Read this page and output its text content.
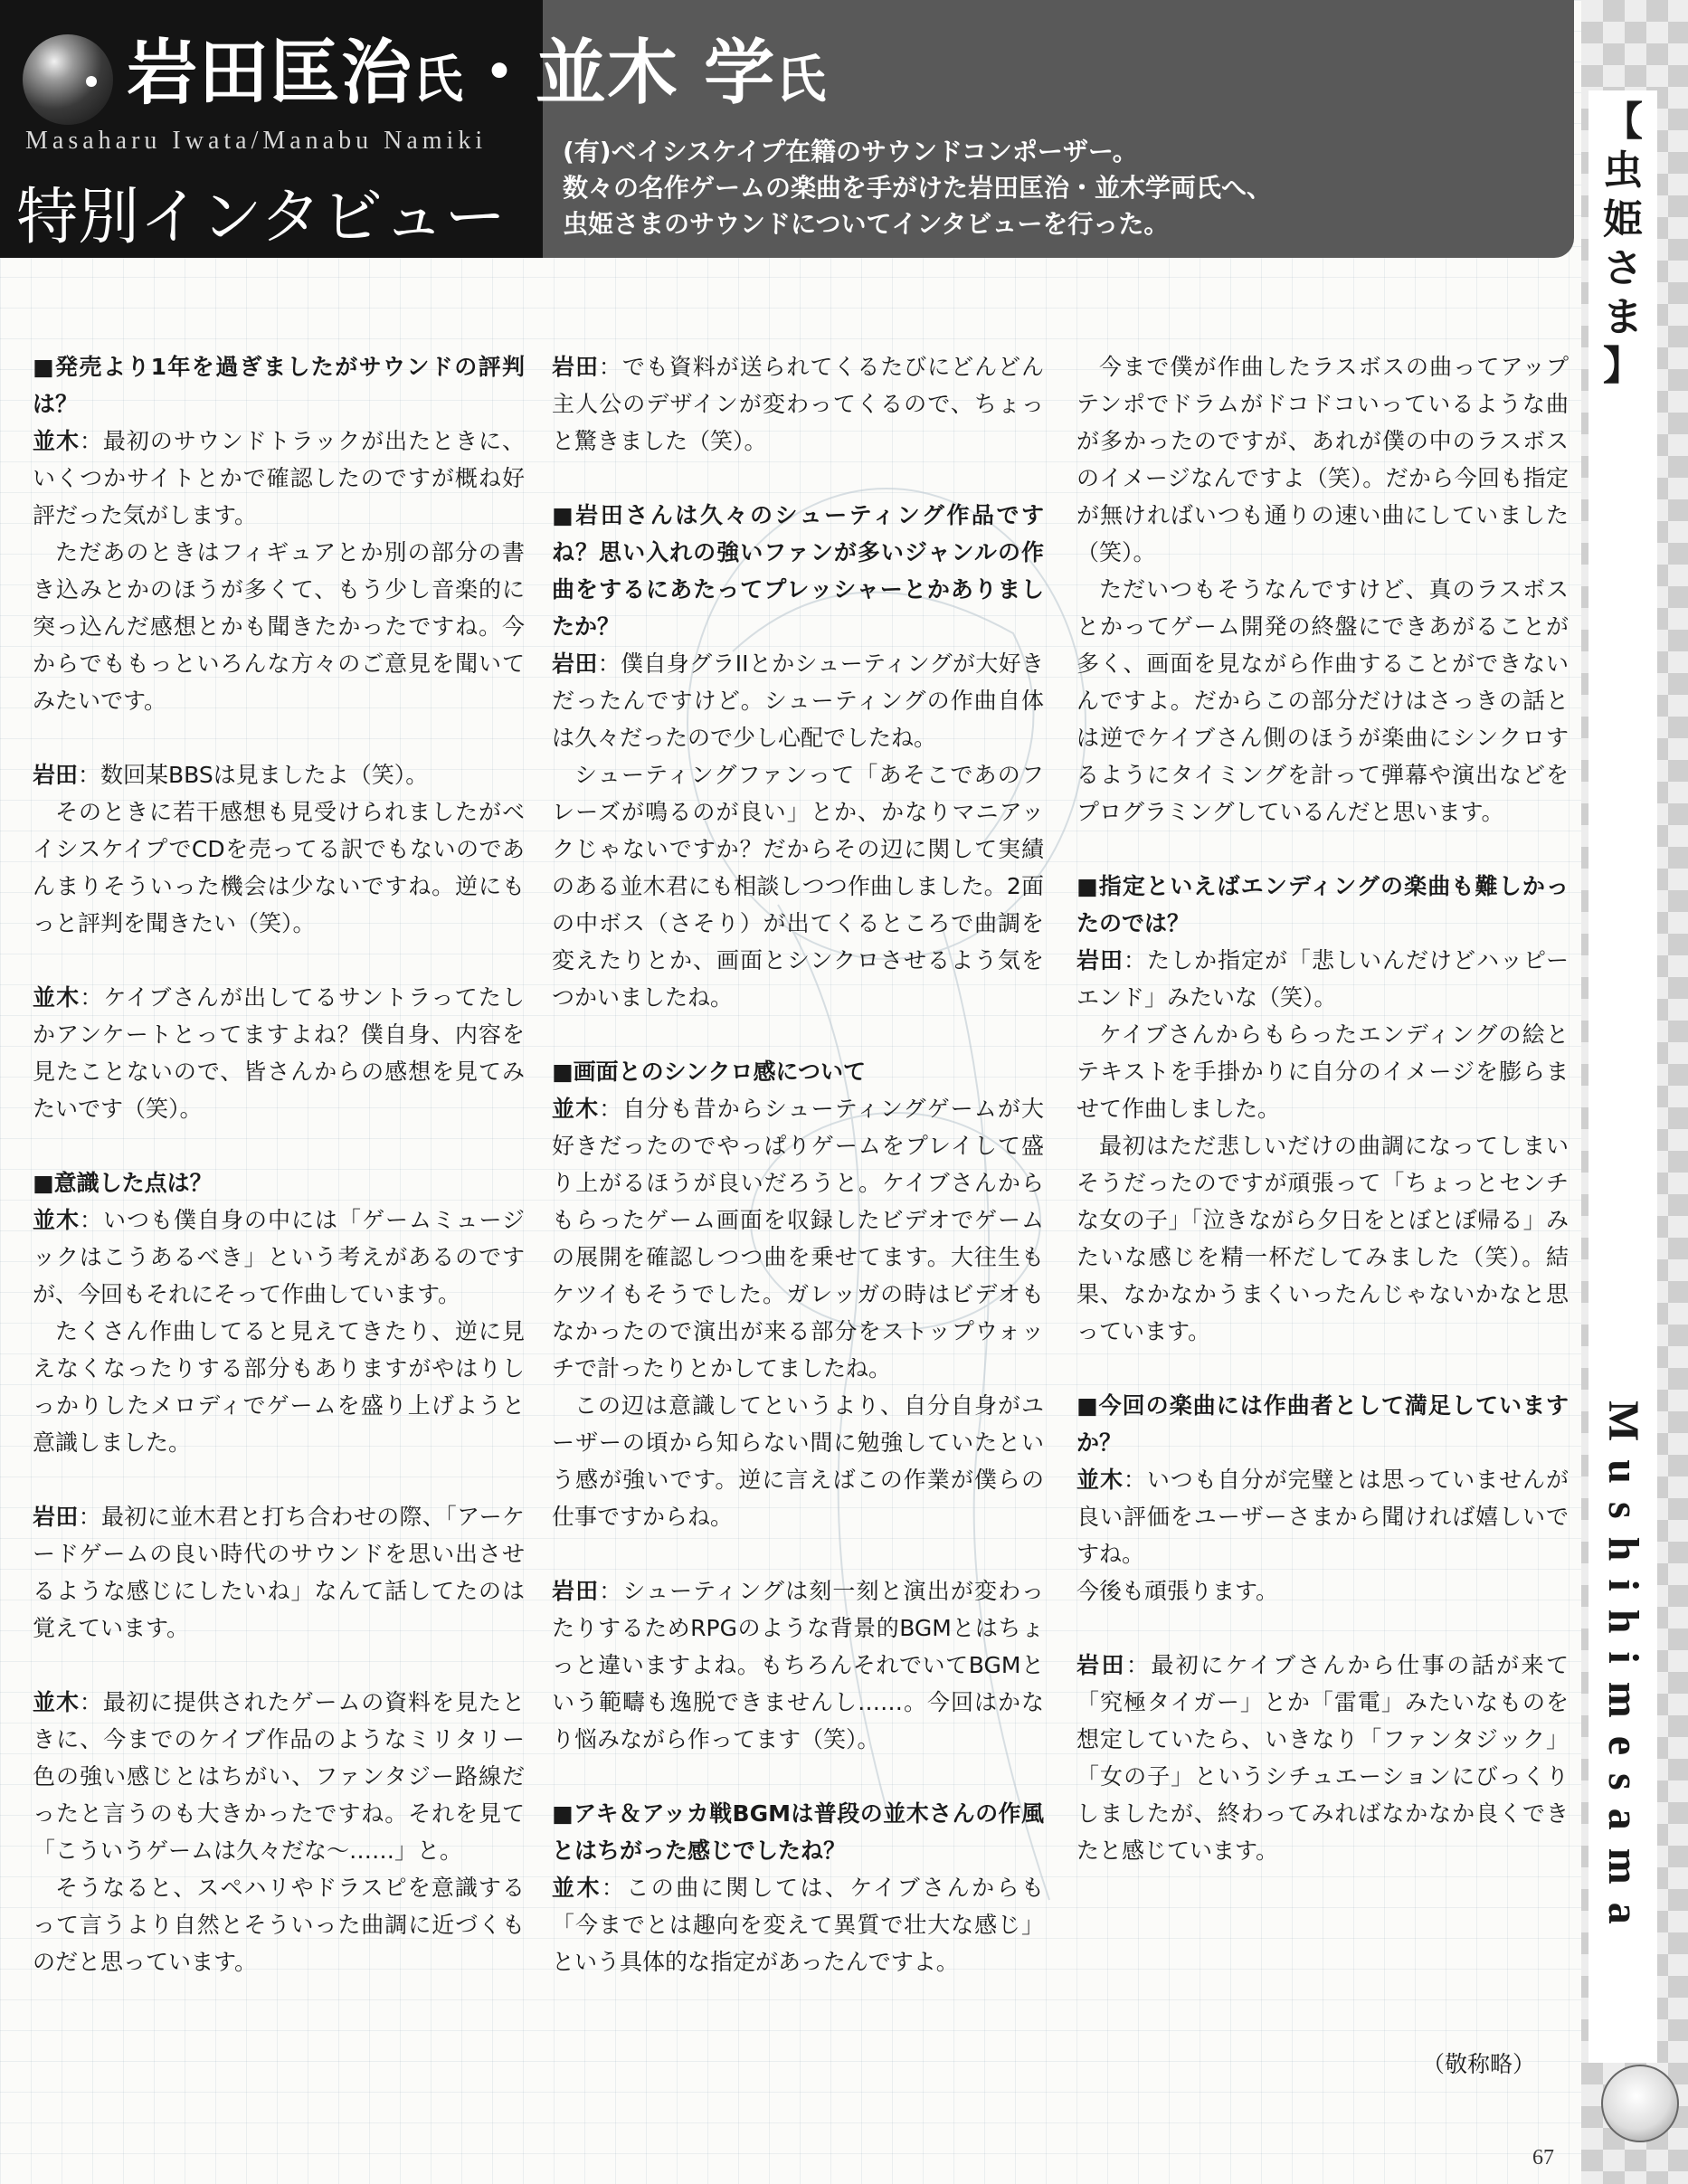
岩田匡治氏・並木 学氏
Masaharu Iwata/Manabu Namiki
特別インタビュー
(有)ベイシスケイプ在籍のサウンドコンポーザー。
数々の名作ゲームの楽曲を手がけた岩田匡治・並木学両氏へ、
虫姫さまのサウンドについてインタビューを行った。
【
虫
姫
さ
ま
】
Mushihimesama
67

■発売より1年を過ぎましたがサウンドの評判は？

並木：最初のサウンドトラックが出たときに、いくつかサイトとかで確認したのですが概ね好評だった気がします。

ただあのときはフィギュアとか別の部分の書き込みとかのほうが多くて、もう少し音楽的に突っ込んだ感想とかも聞きたかったですね。今からでももっといろんな方々のご意見を聞いてみたいです。

岩田：数回某BBSは見ましたよ（笑）。

そのときに若干感想も見受けられましたがベイシスケイプでCDを売ってる訳でもないのであんまりそういった機会は少ないですね。逆にもっと評判を聞きたい（笑）。

並木：ケイブさんが出してるサントラってたしかアンケートとってますよね？僕自身、内容を見たことないので、皆さんからの感想を見てみたいです（笑）。

■意識した点は？

並木：いつも僕自身の中には「ゲームミュージックはこうあるべき」という考えがあるのですが、今回もそれにそって作曲しています。

たくさん作曲してると見えてきたり、逆に見えなくなったりする部分もありますがやはりしっかりしたメロディでゲームを盛り上げようと意識しました。

岩田：最初に並木君と打ち合わせの際、「アーケードゲームの良い時代のサウンドを思い出させるような感じにしたいね」なんて話してたのは覚えています。

並木：最初に提供されたゲームの資料を見たときに、今までのケイブ作品のようなミリタリー色の強い感じとはちがい、ファンタジー路線だったと言うのも大きかったですね。それを見て「こういうゲームは久々だな～……」と。

そうなると、スペハリやドラスピを意識するって言うより自然とそういった曲調に近づくものだと思っています。

岩田：でも資料が送られてくるたびにどんどん主人公のデザインが変わってくるので、ちょっと驚きました（笑）。

■岩田さんは久々のシューティング作品ですね？思い入れの強いファンが多いジャンルの作曲をするにあたってプレッシャーとかありましたか？

岩田：僕自身グラIIとかシューティングが大好きだったんですけど。シューティングの作曲自体は久々だったので少し心配でしたね。

シューティングファンって「あそこであのフレーズが鳴るのが良い」とか、かなりマニアックじゃないですか？だからその辺に関して実績のある並木君にも相談しつつ作曲しました。2面の中ボス（さそり）が出てくるところで曲調を変えたりとか、画面とシンクロさせるよう気をつかいましたね。

■画面とのシンクロ感について

並木：自分も昔からシューティングゲームが大好きだったのでやっぱりゲームをプレイして盛り上がるほうが良いだろうと。ケイブさんからもらったゲーム画面を収録したビデオでゲームの展開を確認しつつ曲を乗せてます。大往生もケツイもそうでした。ガレッガの時はビデオもなかったので演出が来る部分をストップウォッチで計ったりとかしてましたね。

この辺は意識してというより、自分自身がユーザーの頃から知らない間に勉強していたという感が強いです。逆に言えばこの作業が僕らの仕事ですからね。

岩田：シューティングは刻一刻と演出が変わったりするためRPGのような背景的BGMとはちょっと違いますよね。もちろんそれでいてBGMという範疇も逸脱できませんし……。今回はかなり悩みながら作ってます（笑）。

■アキ＆アッカ戦BGMは普段の並木さんの作風とはちがった感じでしたね？

並木：この曲に関しては、ケイブさんからも「今までとは趣向を変えて異質で壮大な感じ」という具体的な指定があったんですよ。

今まで僕が作曲したラスボスの曲ってアップテンポでドラムがドコドコいっているような曲が多かったのですが、あれが僕の中のラスボスのイメージなんですよ（笑）。だから今回も指定が無ければいつも通りの速い曲にしていました（笑）。

ただいつもそうなんですけど、真のラスボスとかってゲーム開発の終盤にできあがることが多く、画面を見ながら作曲することができないんですよ。だからこの部分だけはさっきの話とは逆でケイブさん側のほうが楽曲にシンクロするようにタイミングを計って弾幕や演出などをプログラミングしているんだと思います。

■指定といえばエンディングの楽曲も難しかったのでは？

岩田：たしか指定が「悲しいんだけどハッピーエンド」みたいな（笑）。

ケイブさんからもらったエンディングの絵とテキストを手掛かりに自分のイメージを膨らませて作曲しました。

最初はただ悲しいだけの曲調になってしまいそうだったのですが頑張って「ちょっとセンチな女の子」「泣きながら夕日をとぼとぼ帰る」みたいな感じを精一杯だしてみました（笑）。結果、なかなかうまくいったんじゃないかなと思っています。

■今回の楽曲には作曲者として満足していますか？

並木：いつも自分が完璧とは思っていませんが良い評価をユーザーさまから聞ければ嬉しいですね。

今後も頑張ります。

岩田：最初にケイブさんから仕事の話が来て「究極タイガー」とか「雷電」みたいなものを想定していたら、いきなり「ファンタジック」「女の子」というシチュエーションにびっくりしましたが、終わってみればなかなか良くできたと感じています。

（敬称略）
